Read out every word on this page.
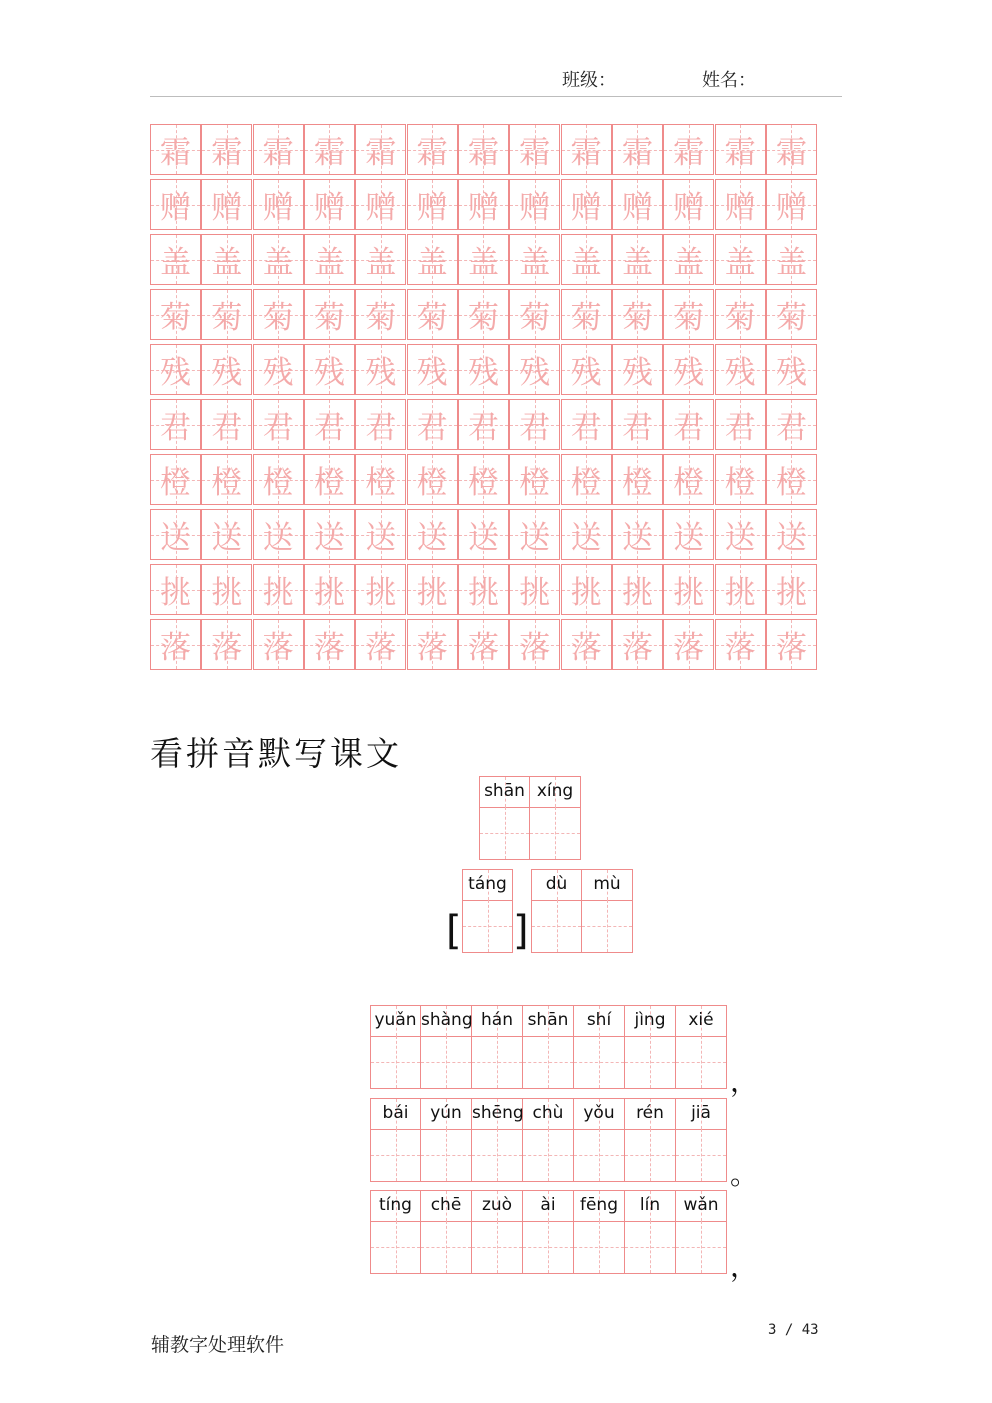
班级：	姓名：
霜 霜 霜 霜 霜 霜 霜 霜 霜 霜 霜 霜 霜
赠 赠 赠 赠 赠 赠 赠 赠 赠 赠 赠 赠 赠
盖 盖 盖 盖 盖 盖 盖 盖 盖 盖 盖 盖 盖
菊 菊 菊 菊 菊 菊 菊 菊 菊 菊 菊 菊 菊
残 残 残 残 残 残 残 残 残 残 残 残 残
君 君 君 君 君 君 君 君 君 君 君 君 君
橙 橙 橙 橙 橙 橙 橙 橙 橙 橙 橙 橙 橙
送 送 送 送 送 送 送 送 送 送 送 送 送
挑 挑 挑 挑 挑 挑 挑 挑 挑 挑 挑 挑 挑
落 落 落 落 落 落 落 落 落 落 落 落 落
看拼音默写课文
shān xíng
[
táng
]
dù	mù
yuǎn shàng hán shān	shí	jìng	xié
，
bái	yún shēng chù	yǒu	rén	jiā
。
tíng	chē	zuò	ài	fēng	lín	wǎn
，
辅教字处理软件
3 / 43
